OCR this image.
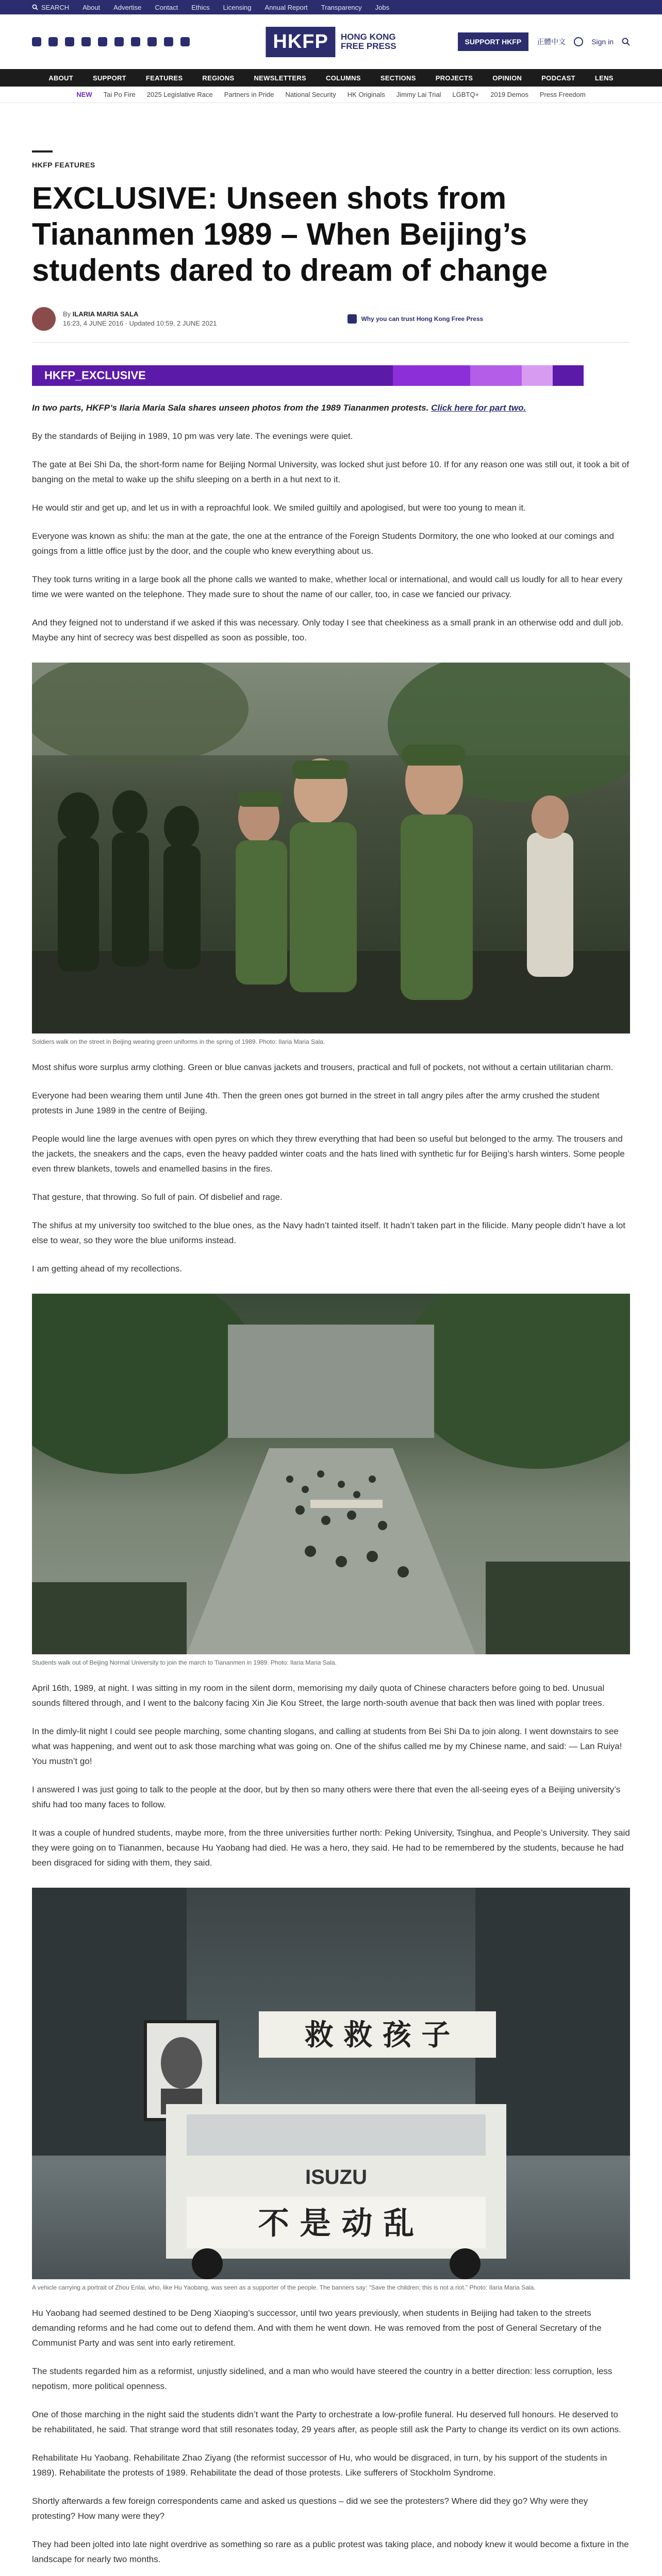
SEARCH About Advertise Contact Ethics Licensing Annual Report Transparency Jobs
HKFP	HONG KONG
FREE PRESS	SUPPORT HKFP	正體中文	Sign in
ABOUT	SUPPORT	FEATURES	REGIONS	NEWSLETTERS	COLUMNS	SECTIONS	PROJECTS	OPINION	PODCAST	LENS
NEW Tai Po Fire 2025 Legislative Race Partners in Pride National Security HK Originals Jimmy Lai Trial LGBTQ+ 2019 Demos Press Freedom
HKFP FEATURES
EXCLUSIVE: Unseen shots from Tiananmen 1989 – When Beijing’s students dared to dream of change
By ILARIA MARIA SALA
16:23, 4 JUNE 2016 · Updated 10:59, 2 JUNE 2021
Why you can trust Hong Kong Free Press
HKFP_EXCLUSIVE

In two parts, HKFP’s Ilaria Maria Sala shares unseen photos from the 1989 Tiananmen protests. Click here for part two.

By the standards of Beijing in 1989, 10 pm was very late. The evenings were quiet.

The gate at Bei Shi Da, the short-form name for Beijing Normal University, was locked shut just before 10. If for any reason one was still out, it took a bit of banging on the metal to wake up the shifu sleeping on a berth in a hut next to it.

He would stir and get up, and let us in with a reproachful look. We smiled guiltily and apologised, but were too young to mean it.

Everyone was known as shifu: the man at the gate, the one at the entrance of the Foreign Students Dormitory, the one who looked at our comings and goings from a little office just by the door, and the couple who knew everything about us.

They took turns writing in a large book all the phone calls we wanted to make, whether local or international, and would call us loudly for all to hear every time we were wanted on the telephone. They made sure to shout the name of our caller, too, in case we fancied our privacy.

And they feigned not to understand if we asked if this was necessary. Only today I see that cheekiness as a small prank in an otherwise odd and dull job. Maybe any hint of secrecy was best dispelled as soon as possible, too.

Soldiers walk on the street in Beijing wearing green uniforms in the spring of 1989. Photo: Ilaria Maria Sala.

Most shifus wore surplus army clothing. Green or blue canvas jackets and trousers, practical and full of pockets, not without a certain utilitarian charm.

Everyone had been wearing them until June 4th. Then the green ones got burned in the street in tall angry piles after the army crushed the student protests in June 1989 in the centre of Beijing.

People would line the large avenues with open pyres on which they threw everything that had been so useful but belonged to the army. The trousers and the jackets, the sneakers and the caps, even the heavy padded winter coats and the hats lined with synthetic fur for Beijing’s harsh winters. Some people even threw blankets, towels and enamelled basins in the fires.

That gesture, that throwing. So full of pain. Of disbelief and rage.

The shifus at my university too switched to the blue ones, as the Navy hadn’t tainted itself. It hadn’t taken part in the filicide. Many people didn’t have a lot else to wear, so they wore the blue uniforms instead.

I am getting ahead of my recollections.

Students walk out of Beijing Normal University to join the march to Tiananmen in 1989. Photo: Ilaria Maria Sala.

April 16th, 1989, at night. I was sitting in my room in the silent dorm, memorising my daily quota of Chinese characters before going to bed. Unusual sounds filtered through, and I went to the balcony facing Xin Jie Kou Street, the large north-south avenue that back then was lined with poplar trees.

In the dimly-lit night I could see people marching, some chanting slogans, and calling at students from Bei Shi Da to join along. I went downstairs to see what was happening, and went out to ask those marching what was going on. One of the shifus called me by my Chinese name, and said: — Lan Ruiya! You mustn’t go!

I answered I was just going to talk to the people at the door, but by then so many others were there that even the all-seeing eyes of a Beijing university’s shifu had too many faces to follow.

It was a couple of hundred students, maybe more, from the three universities further north: Peking University, Tsinghua, and People’s University. They said they were going on to Tiananmen, because Hu Yaobang had died. He was a hero, they said. He had to be remembered by the students, because he had been disgraced for siding with them, they said.

救 救 孩 子
ISUZU
不 是 动 乱
A vehicle carrying a portrait of Zhou Enlai, who, like Hu Yaobang, was seen as a supporter of the people. The banners say: “Save the children; this is not a riot.” Photo: Ilaria Maria Sala.

Hu Yaobang had seemed destined to be Deng Xiaoping’s successor, until two years previously, when students in Beijing had taken to the streets demanding reforms and he had come out to defend them. And with them he went down. He was removed from the post of General Secretary of the Communist Party and was sent into early retirement.

The students regarded him as a reformist, unjustly sidelined, and a man who would have steered the country in a better direction: less corruption, less nepotism, more political openness.

One of those marching in the night said the students didn’t want the Party to orchestrate a low-profile funeral. Hu deserved full honours. He deserved to be rehabilitated, he said. That strange word that still resonates today, 29 years after, as people still ask the Party to change its verdict on its own actions.

Rehabilitate Hu Yaobang. Rehabilitate Zhao Ziyang (the reformist successor of Hu, who would be disgraced, in turn, by his support of the students in 1989). Rehabilitate the protests of 1989. Rehabilitate the dead of those protests. Like sufferers of Stockholm Syndrome.

Shortly afterwards a few foreign correspondents came and asked us questions – did we see the protesters? Where did they go? Why were they protesting? How many were they?

They had been jolted into late night overdrive as something so rare as a public protest was taking place, and nobody knew it would become a fixture in the landscape for nearly two months.
